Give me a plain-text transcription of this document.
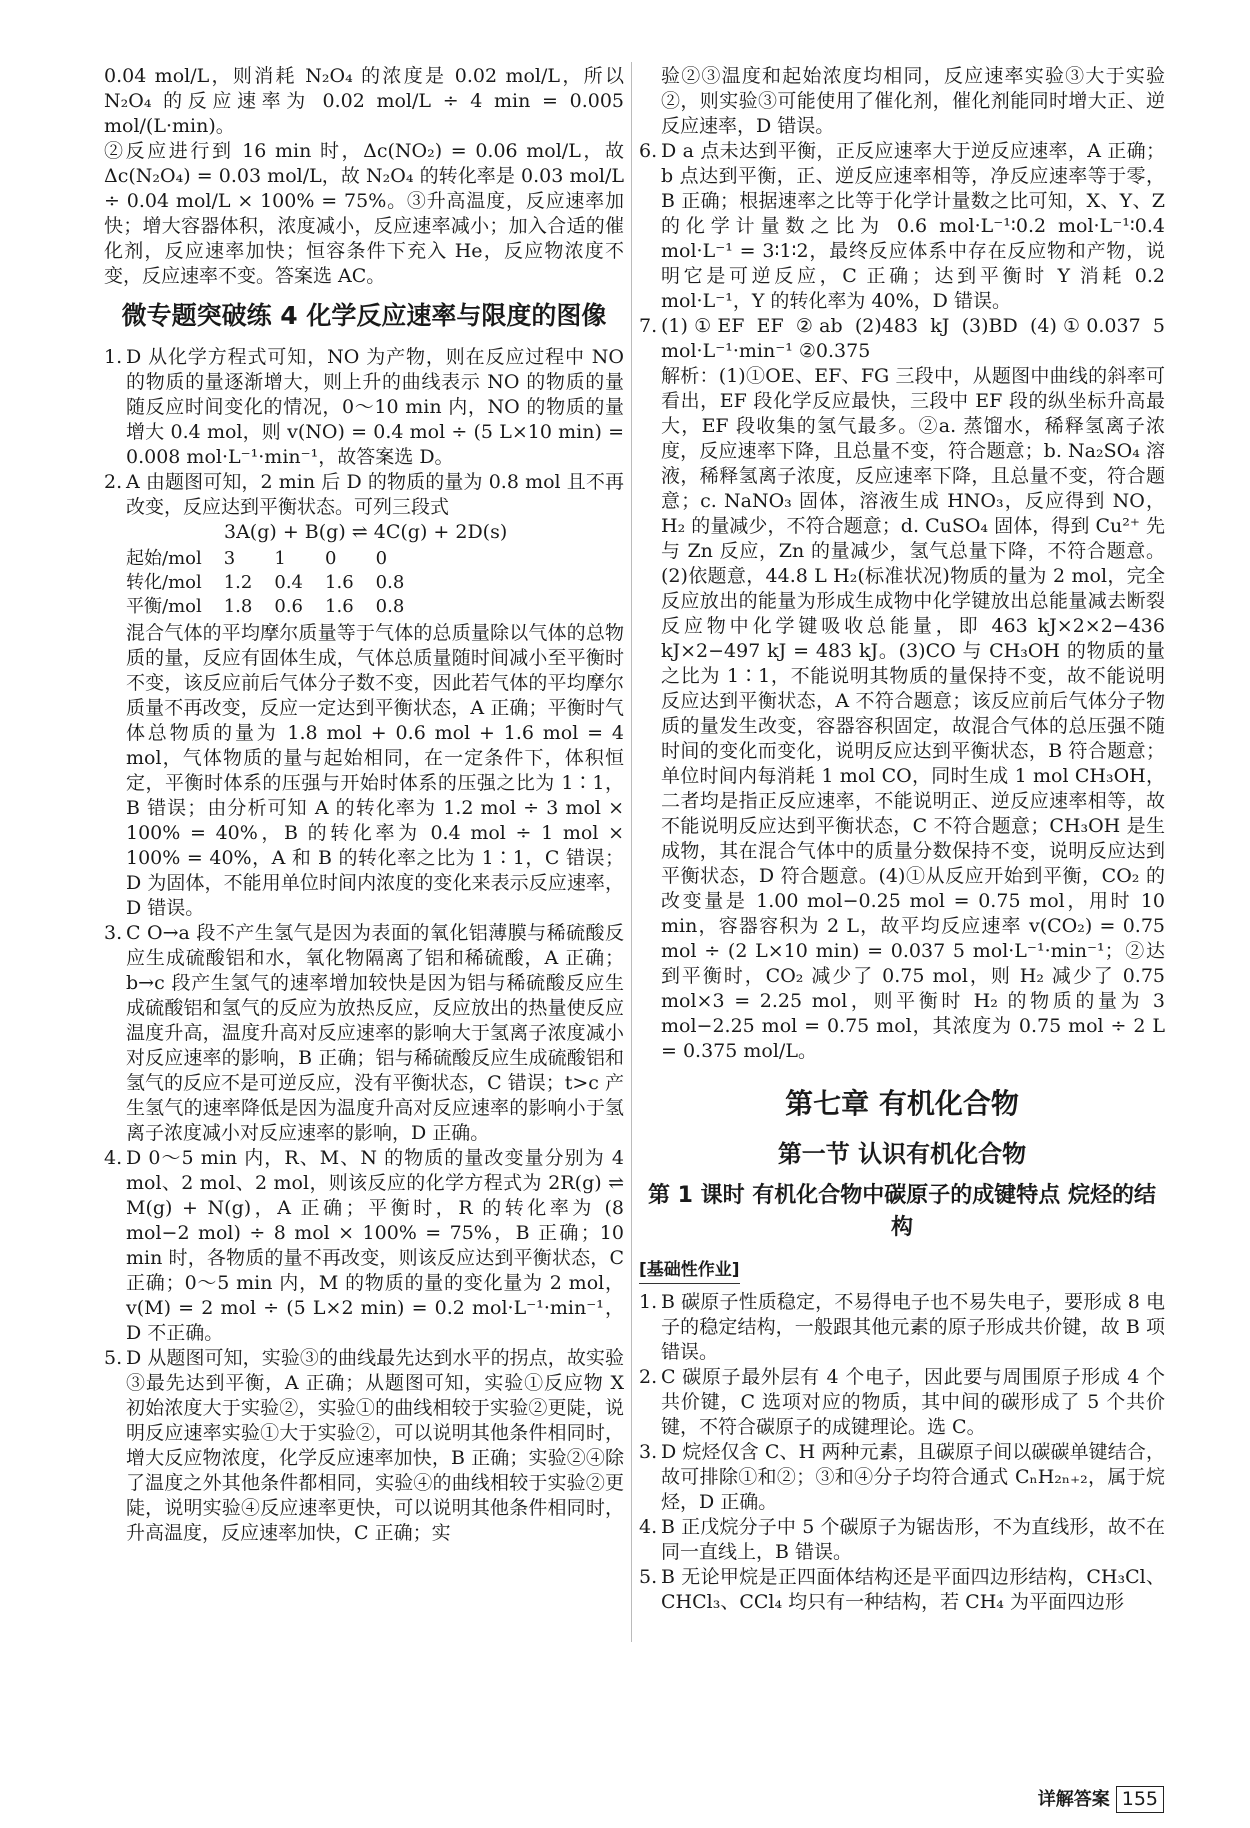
0.04 mol/L，则消耗 N₂O₄ 的浓度是 0.02 mol/L，所以 N₂O₄ 的反应速率为 0.02 mol/L ÷ 4 min = 0.005 mol/(L·min)。

②反应进行到 16 min 时，Δc(NO₂) = 0.06 mol/L，故 Δc(N₂O₄) = 0.03 mol/L，故 N₂O₄ 的转化率是 0.03 mol/L ÷ 0.04 mol/L × 100% = 75%。③升高温度，反应速率加快；增大容器体积，浓度减小，反应速率减小；加入合适的催化剂，反应速率加快；恒容条件下充入 He，反应物浓度不变，反应速率不变。答案选 AC。

微专题突破练 4 化学反应速率与限度的图像
1. D 从化学方程式可知，NO 为产物，则在反应过程中 NO 的物质的量逐渐增大，则上升的曲线表示 NO 的物质的量随反应时间变化的情况，0～10 min 内，NO 的物质的量增大 0.4 mol，则 v(NO) = 0.4 mol ÷ (5 L×10 min) = 0.008 mol·L⁻¹·min⁻¹，故答案选 D。

2. A 由题图可知，2 min 后 D 的物质的量为 0.8 mol 且不再改变，反应达到平衡状态。可列三段式

3A(g) + B(g) ⇌ 4C(g) + 2D(s)

起始/mol	3	1	0	0
转化/mol	1.2	0.4	1.6	0.8
平衡/mol	1.8	0.6	1.6	0.8

混合气体的平均摩尔质量等于气体的总质量除以气体的总物质的量，反应有固体生成，气体总质量随时间减小至平衡时不变，该反应前后气体分子数不变，因此若气体的平均摩尔质量不再改变，反应一定达到平衡状态，A 正确；平衡时气体总物质的量为 1.8 mol + 0.6 mol + 1.6 mol = 4 mol，气体物质的量与起始相同，在一定条件下，体积恒定，平衡时体系的压强与开始时体系的压强之比为 1∶1，B 错误；由分析可知 A 的转化率为 1.2 mol ÷ 3 mol × 100% = 40%，B 的转化率为 0.4 mol ÷ 1 mol × 100% = 40%，A 和 B 的转化率之比为 1∶1，C 错误；D 为固体，不能用单位时间内浓度的变化来表示反应速率，D 错误。

3. C O→a 段不产生氢气是因为表面的氧化铝薄膜与稀硫酸反应生成硫酸铝和水，氧化物隔离了铝和稀硫酸，A 正确；b→c 段产生氢气的速率增加较快是因为铝与稀硫酸反应生成硫酸铝和氢气的反应为放热反应，反应放出的热量使反应温度升高，温度升高对反应速率的影响大于氢离子浓度减小对反应速率的影响，B 正确；铝与稀硫酸反应生成硫酸铝和氢气的反应不是可逆反应，没有平衡状态，C 错误；t>c 产生氢气的速率降低是因为温度升高对反应速率的影响小于氢离子浓度减小对反应速率的影响，D 正确。

4. D 0～5 min 内，R、M、N 的物质的量改变量分别为 4 mol、2 mol、2 mol，则该反应的化学方程式为 2R(g) ⇌ M(g) + N(g)，A 正确；平衡时，R 的转化率为 (8 mol−2 mol) ÷ 8 mol × 100% = 75%，B 正确；10 min 时，各物质的量不再改变，则该反应达到平衡状态，C 正确；0～5 min 内，M 的物质的量的变化量为 2 mol，v(M) = 2 mol ÷ (5 L×2 min) = 0.2 mol·L⁻¹·min⁻¹，D 不正确。

5. D 从题图可知，实验③的曲线最先达到水平的拐点，故实验③最先达到平衡，A 正确；从题图可知，实验①反应物 X 初始浓度大于实验②，实验①的曲线相较于实验②更陡，说明反应速率实验①大于实验②，可以说明其他条件相同时，增大反应物浓度，化学反应速率加快，B 正确；实验②④除了温度之外其他条件都相同，实验④的曲线相较于实验②更陡，说明实验④反应速率更快，可以说明其他条件相同时，升高温度，反应速率加快，C 正确；实

验②③温度和起始浓度均相同，反应速率实验③大于实验②，则实验③可能使用了催化剂，催化剂能同时增大正、逆反应速率，D 错误。

6. D a 点未达到平衡，正反应速率大于逆反应速率，A 正确；b 点达到平衡，正、逆反应速率相等，净反应速率等于零，B 正确；根据速率之比等于化学计量数之比可知，X、Y、Z 的化学计量数之比为 0.6 mol·L⁻¹∶0.2 mol·L⁻¹∶0.4 mol·L⁻¹ = 3∶1∶2，最终反应体系中存在反应物和产物，说明它是可逆反应，C 正确；达到平衡时 Y 消耗 0.2 mol·L⁻¹，Y 的转化率为 40%，D 错误。

7. (1)①EF EF ②ab (2)483 kJ (3)BD (4)①0.037 5 mol·L⁻¹·min⁻¹ ②0.375

解析：(1)①OE、EF、FG 三段中，从题图中曲线的斜率可看出，EF 段化学反应最快，三段中 EF 段的纵坐标升高最大，EF 段收集的氢气最多。②a. 蒸馏水，稀释氢离子浓度，反应速率下降，且总量不变，符合题意；b. Na₂SO₄ 溶液，稀释氢离子浓度，反应速率下降，且总量不变，符合题意；c. NaNO₃ 固体，溶液生成 HNO₃，反应得到 NO，H₂ 的量减少，不符合题意；d. CuSO₄ 固体，得到 Cu²⁺ 先与 Zn 反应，Zn 的量减少，氢气总量下降，不符合题意。(2)依题意，44.8 L H₂(标准状况)物质的量为 2 mol，完全反应放出的能量为形成生成物中化学键放出总能量减去断裂反应物中化学键吸收总能量，即 463 kJ×2×2−436 kJ×2−497 kJ = 483 kJ。(3)CO 与 CH₃OH 的物质的量之比为 1∶1，不能说明其物质的量保持不变，故不能说明反应达到平衡状态，A 不符合题意；该反应前后气体分子物质的量发生改变，容器容积固定，故混合气体的总压强不随时间的变化而变化，说明反应达到平衡状态，B 符合题意；单位时间内每消耗 1 mol CO，同时生成 1 mol CH₃OH，二者均是指正反应速率，不能说明正、逆反应速率相等，故不能说明反应达到平衡状态，C 不符合题意；CH₃OH 是生成物，其在混合气体中的质量分数保持不变，说明反应达到平衡状态，D 符合题意。(4)①从反应开始到平衡，CO₂ 的改变量是 1.00 mol−0.25 mol = 0.75 mol，用时 10 min，容器容积为 2 L，故平均反应速率 v(CO₂) = 0.75 mol ÷ (2 L×10 min) = 0.037 5 mol·L⁻¹·min⁻¹；②达到平衡时，CO₂ 减少了 0.75 mol，则 H₂ 减少了 0.75 mol×3 = 2.25 mol，则平衡时 H₂ 的物质的量为 3 mol−2.25 mol = 0.75 mol，其浓度为 0.75 mol ÷ 2 L = 0.375 mol/L。

第七章 有机化合物
第一节 认识有机化合物
第 1 课时 有机化合物中碳原子的成键特点 烷烃的结构
[基础性作业]
1. B 碳原子性质稳定，不易得电子也不易失电子，要形成 8 电子的稳定结构，一般跟其他元素的原子形成共价键，故 B 项错误。

2. C 碳原子最外层有 4 个电子，因此要与周围原子形成 4 个共价键，C 选项对应的物质，其中间的碳形成了 5 个共价键，不符合碳原子的成键理论。选 C。

3. D 烷烃仅含 C、H 两种元素，且碳原子间以碳碳单键结合，故可排除①和②；③和④分子均符合通式 CₙH₂ₙ₊₂，属于烷烃，D 正确。

4. B 正戊烷分子中 5 个碳原子为锯齿形，不为直线形，故不在同一直线上，B 错误。

5. B 无论甲烷是正四面体结构还是平面四边形结构，CH₃Cl、CHCl₃、CCl₄ 均只有一种结构，若 CH₄ 为平面四边形

详解答案 155
